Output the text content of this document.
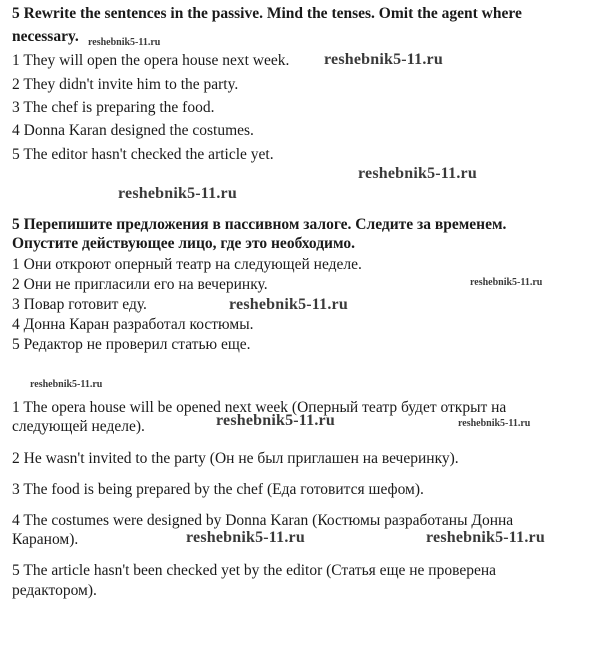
5 Rewrite the sentences in the passive. Mind the tenses. Omit the agent where
necessary. reshebnik5-11.ru
1 They will open the opera house next week. reshebnik5-11.ru
2 They didn't invite him to the party.
3 The chef is preparing the food.
4 Donna Karan designed the costumes.
5 The editor hasn't checked the article yet.
reshebnik5-11.ru
reshebnik5-11.ru
5 Перепишите предложения в пассивном залоге. Следите за временем.
Опустите действующее лицо, где это необходимо.
1 Они откроют оперный театр на следующей неделе.
2 Они не пригласили его на вечеринку.	reshebnik5-11.ru
3 Повар готовит еду.	reshebnik5-11.ru
4 Донна Каран разработал костюмы.
5 Редактор не проверил статью еще.
reshebnik5-11.ru
1 The opera house will be opened next week (Оперный театр будет открыт на
следующей неделе).	reshebnik5-11.ru	reshebnik5-11.ru
2 He wasn't invited to the party (Он не был приглашен на вечеринку).
3 The food is being prepared by the chef (Еда готовится шефом).
4 The costumes were designed by Donna Karan (Костюмы разработаны Донна
Караном).	reshebnik5-11.ru	reshebnik5-11.ru
5 The article hasn't been checked yet by the editor (Статья еще не проверена
редактором).
